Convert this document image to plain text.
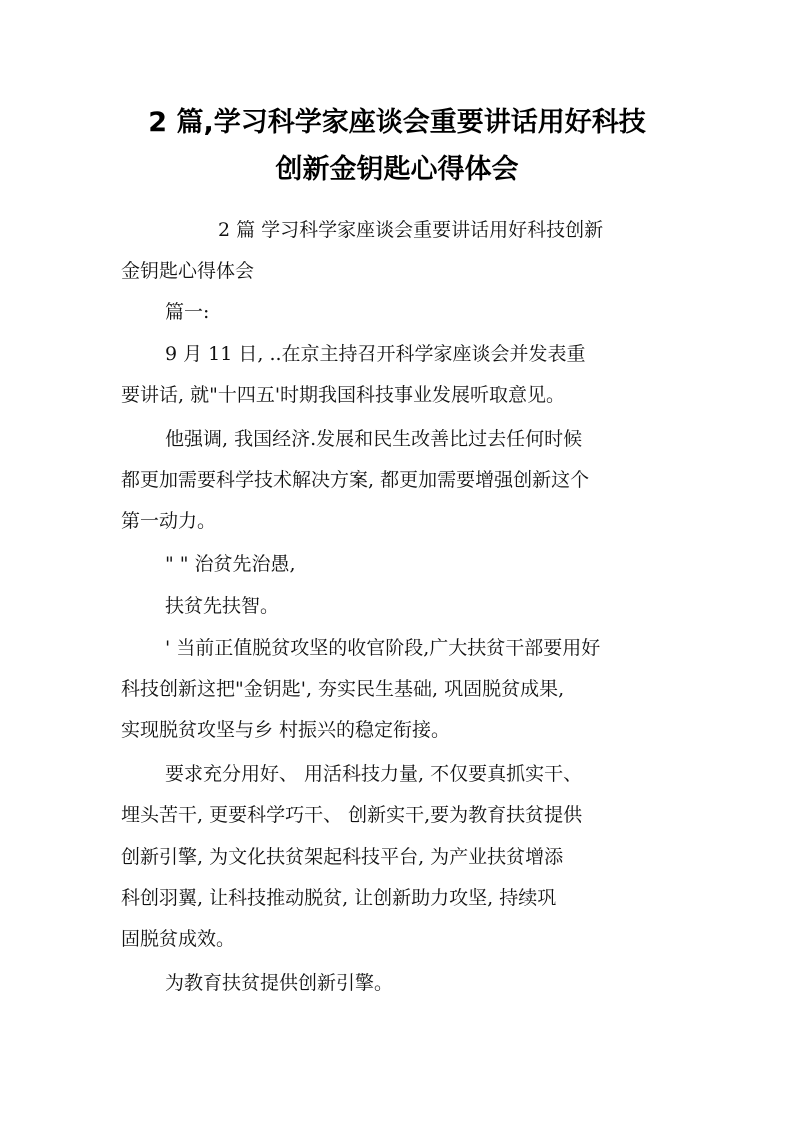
2 篇,学习科学家座谈会重要讲话用好科技
创新金钥匙心得体会
2 篇 学习科学家座谈会重要讲话用好科技创新
金钥匙心得体会
篇一:
9 月 11 日, ..在京主持召开科学家座谈会并发表重
要讲话, 就"十四五'时期我国科技事业发展听取意见。
他强调, 我国经济.发展和民生改善比过去任何时候
都更加需要科学技术解决方案, 都更加需要增强创新这个
第一动力。
" " 治贫先治愚,
扶贫先扶智。
' 当前正值脱贫攻坚的收官阶段,广大扶贫干部要用好
科技创新这把"金钥匙', 夯实民生基础, 巩固脱贫成果,
实现脱贫攻坚与乡 村振兴的稳定衔接。
要求充分用好、 用活科技力量, 不仅要真抓实干、
埋头苦干, 更要科学巧干、 创新实干,要为教育扶贫提供
创新引擎, 为文化扶贫架起科技平台, 为产业扶贫增添
科创羽翼, 让科技推动脱贫, 让创新助力攻坚, 持续巩
固脱贫成效。
为教育扶贫提供创新引擎。
